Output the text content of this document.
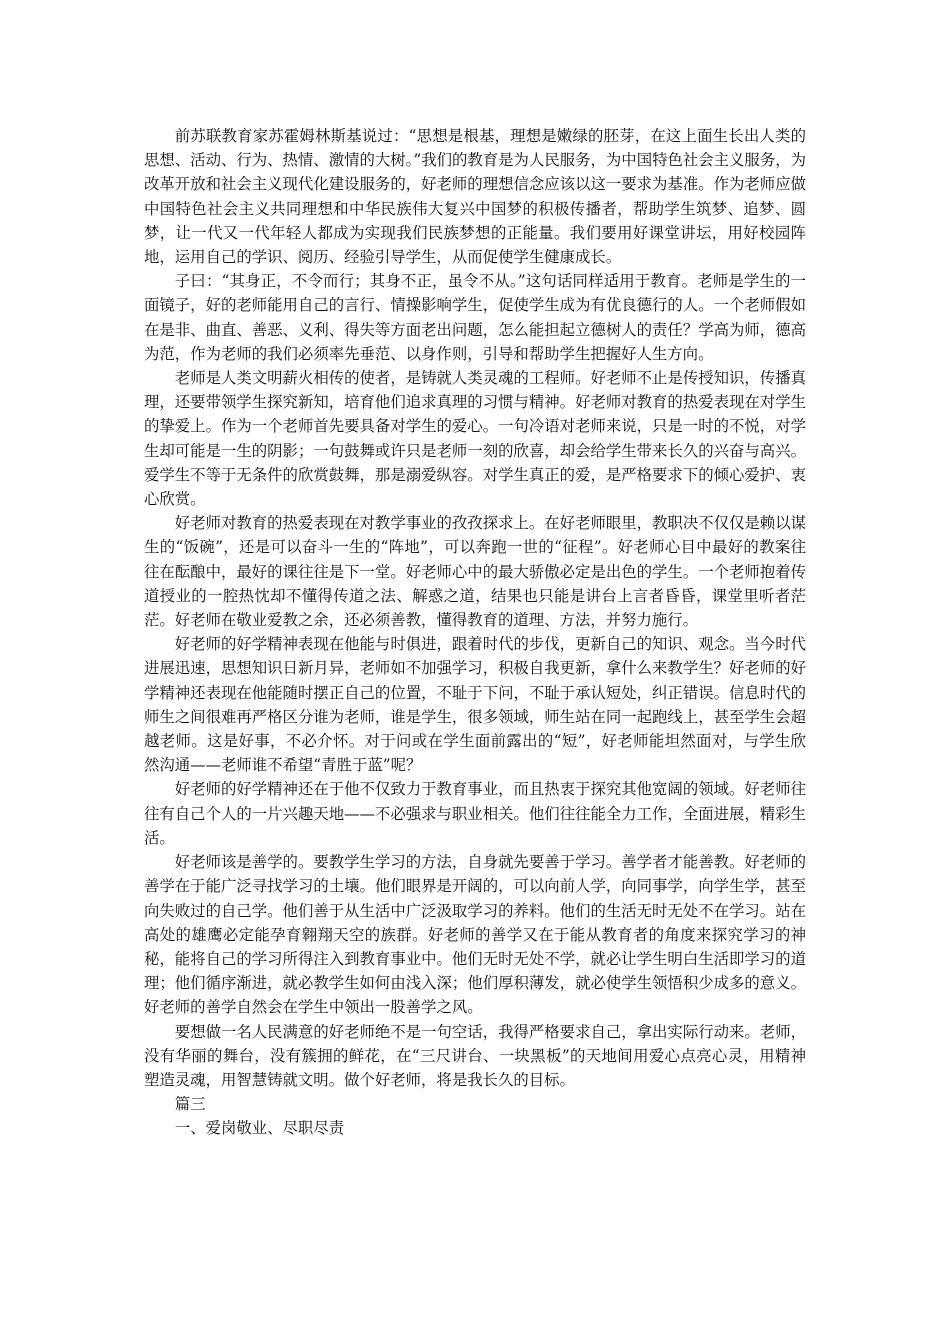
前苏联教育家苏霍姆林斯基说过：“思想是根基，理想是嫩绿的胚芽，在这上面生长出人类的思想、活动、行为、热情、激情的大树。”我们的教育是为人民服务，为中国特色社会主义服务，为改革开放和社会主义现代化建设服务的，好老师的理想信念应该以这一要求为基准。作为老师应做中国特色社会主义共同理想和中华民族伟大复兴中国梦的积极传播者，帮助学生筑梦、追梦、圆梦，让一代又一代年轻人都成为实现我们民族梦想的正能量。我们要用好课堂讲坛，用好校园阵地，运用自己的学识、阅历、经验引导学生，从而促使学生健康成长。

子曰：“其身正，不令而行；其身不正，虽令不从。”这句话同样适用于教育。老师是学生的一面镜子，好的老师能用自己的言行、情操影响学生，促使学生成为有优良德行的人。一个老师假如在是非、曲直、善恶、义利、得失等方面老出问题，怎么能担起立德树人的责任？学高为师，德高为范，作为老师的我们必须率先垂范、以身作则，引导和帮助学生把握好人生方向。

老师是人类文明薪火相传的使者，是铸就人类灵魂的工程师。好老师不止是传授知识，传播真理，还要带领学生探究新知，培育他们追求真理的习惯与精神。好老师对教育的热爱表现在对学生的挚爱上。作为一个老师首先要具备对学生的爱心。一句冷语对老师来说，只是一时的不悦，对学生却可能是一生的阴影；一句鼓舞或许只是老师一刻的欣喜，却会给学生带来长久的兴奋与高兴。爱学生不等于无条件的欣赏鼓舞，那是溺爱纵容。对学生真正的爱，是严格要求下的倾心爱护、衷心欣赏。

好老师对教育的热爱表现在对教学事业的孜孜探求上。在好老师眼里，教职决不仅仅是赖以谋生的“饭碗”，还是可以奋斗一生的“阵地”，可以奔跑一世的“征程”。好老师心目中最好的教案往往在酝酿中，最好的课往往是下一堂。好老师心中的最大骄傲必定是出色的学生。一个老师抱着传道授业的一腔热忱却不懂得传道之法、解惑之道，结果也只能是讲台上言者昏昏，课堂里听者茫茫。好老师在敬业爱教之余，还必须善教，懂得教育的道理、方法，并努力施行。

好老师的好学精神表现在他能与时俱进，跟着时代的步伐，更新自己的知识、观念。当今时代进展迅速，思想知识日新月异，老师如不加强学习，积极自我更新，拿什么来教学生？好老师的好学精神还表现在他能随时摆正自己的位置，不耻于下问，不耻于承认短处，纠正错误。信息时代的师生之间很难再严格区分谁为老师，谁是学生，很多领域，师生站在同一起跑线上，甚至学生会超越老师。这是好事，不必介怀。对于问或在学生面前露出的“短”，好老师能坦然面对，与学生欣然沟通——老师谁不希望“青胜于蓝”呢？

好老师的好学精神还在于他不仅致力于教育事业，而且热衷于探究其他宽阔的领域。好老师往往有自己个人的一片兴趣天地——不必强求与职业相关。他们往往能全力工作，全面进展，精彩生活。

好老师该是善学的。要教学生学习的方法，自身就先要善于学习。善学者才能善教。好老师的善学在于能广泛寻找学习的土壤。他们眼界是开阔的，可以向前人学，向同事学，向学生学，甚至向失败过的自己学。他们善于从生活中广泛汲取学习的养料。他们的生活无时无处不在学习。站在高处的雄鹰必定能孕育翱翔天空的族群。好老师的善学又在于能从教育者的角度来探究学习的神秘，能将自己的学习所得注入到教育事业中。他们无时无处不学，就必让学生明白生活即学习的道理；他们循序渐进，就必教学生如何由浅入深；他们厚积薄发，就必使学生领悟积少成多的意义。好老师的善学自然会在学生中领出一股善学之风。

要想做一名人民满意的好老师绝不是一句空话，我得严格要求自己，拿出实际行动来。老师，没有华丽的舞台，没有簇拥的鲜花，在“三尺讲台、一块黑板”的天地间用爱心点亮心灵，用精神塑造灵魂，用智慧铸就文明。做个好老师，将是我长久的目标。

篇三

一、爱岗敬业、尽职尽责
